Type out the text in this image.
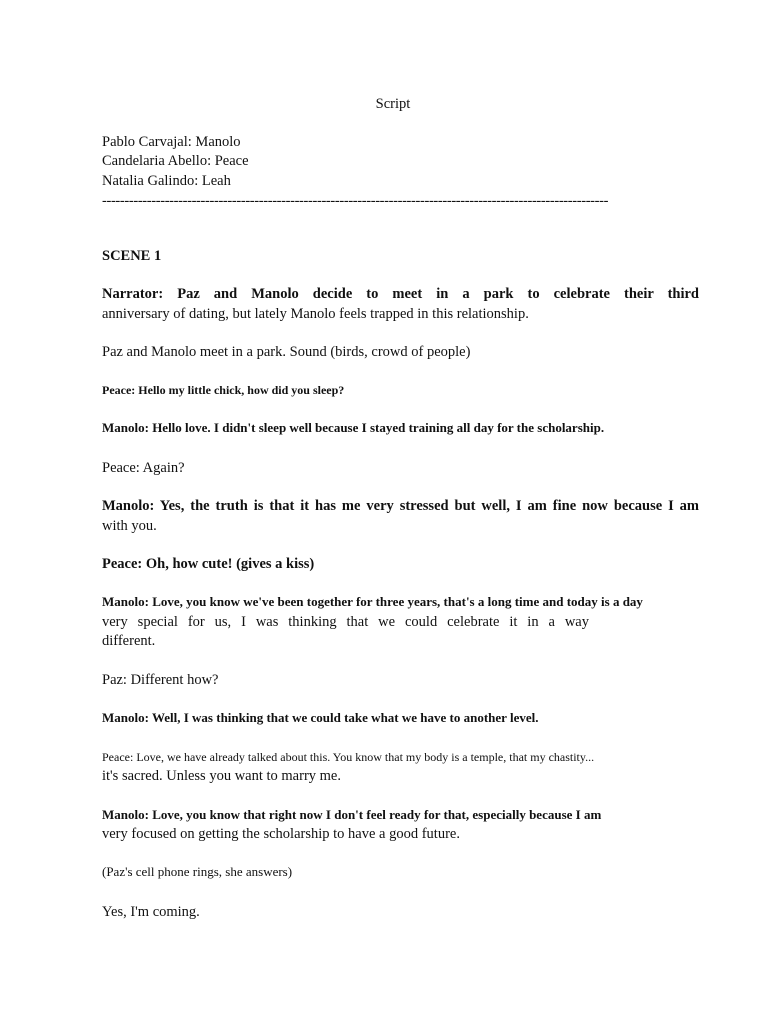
Script
Pablo Carvajal: Manolo
Candelaria Abello: Peace
Natalia Galindo: Leah
-----------------------------------------------------------------------------------------------------------------
SCENE 1
Narrator: Paz and Manolo decide to meet in a park to celebrate their third
anniversary of dating, but lately Manolo feels trapped in this relationship.
Paz and Manolo meet in a park. Sound (birds, crowd of people)
Peace: Hello my little chick, how did you sleep?
Manolo: Hello love. I didn't sleep well because I stayed training all day for the scholarship.
Peace: Again?
Manolo: Yes, the truth is that it has me very stressed but well, I am fine now because I am
with you.
Peace: Oh, how cute! (gives a kiss)
Manolo: Love, you know we've been together for three years, that's a long time and today is a day
very special for us, I was thinking that we could celebrate it in a way
different.
Paz: Different how?
Manolo: Well, I was thinking that we could take what we have to another level.
Peace: Love, we have already talked about this. You know that my body is a temple, that my chastity...
it's sacred. Unless you want to marry me.
Manolo: Love, you know that right now I don't feel ready for that, especially because I am
very focused on getting the scholarship to have a good future.
(Paz's cell phone rings, she answers)
Yes, I'm coming.
